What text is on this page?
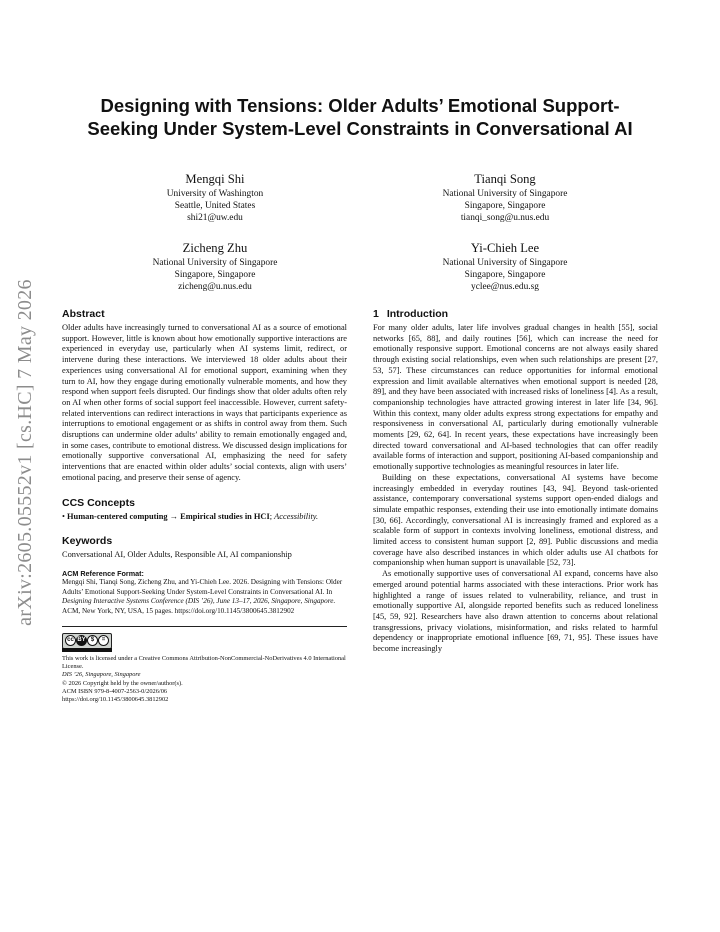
arXiv:2605.05552v1 [cs.HC] 7 May 2026
Designing with Tensions: Older Adults’ Emotional Support-Seeking Under System-Level Constraints in Conversational AI
Mengqi Shi
University of Washington
Seattle, United States
shi21@uw.edu
Tianqi Song
National University of Singapore
Singapore, Singapore
tianqi_song@u.nus.edu
Zicheng Zhu
National University of Singapore
Singapore, Singapore
zicheng@u.nus.edu
Yi-Chieh Lee
National University of Singapore
Singapore, Singapore
yclee@nus.edu.sg
Abstract

Older adults have increasingly turned to conversational AI as a source of emotional support. However, little is known about how emotionally supportive interactions are experienced in everyday use, particularly when AI systems limit, redirect, or intervene during these interactions. We interviewed 18 older adults about their experiences using conversational AI for emotional support, examining when they turn to AI, how they engage during emotionally vulnerable moments, and how they respond when support feels disrupted. Our findings show that older adults often rely on AI when other forms of social support feel inaccessible. However, current safety-related interventions can redirect interactions in ways that participants experience as interruptions to emotional engagement or as shifts in control away from them. Such disruptions can undermine older adults’ ability to remain emotionally engaged and, in some cases, contribute to emotional distress. We discussed design implications for emotionally supportive conversational AI, emphasizing the need for safety interventions that are enacted within older adults’ social contexts, align with users’ emotional pacing, and preserve their sense of agency.

CCS Concepts
• Human-centered computing → Empirical studies in HCI; Accessibility.
Keywords

Conversational AI, Older Adults, Responsible AI, AI companionship

ACM Reference Format:

Mengqi Shi, Tianqi Song, Zicheng Zhu, and Yi-Chieh Lee. 2026. Designing with Tensions: Older Adults’ Emotional Support-Seeking Under System-Level Constraints in Conversational AI. In Designing Interactive Systems Conference (DIS ’26), June 13–17, 2026, Singapore, Singapore. ACM, New York, NY, USA, 15 pages. https://doi.org/10.1145/3800645.3812902

cc BY $	=

This work is licensed under a Creative Commons Attribution-NonCommercial-NoDerivatives 4.0 International License.

DIS ’26, Singapore, Singapore

© 2026 Copyright held by the owner/author(s).

ACM ISBN 979-8-4007-2563-0/2026/06

https://doi.org/10.1145/3800645.3812902

1 Introduction

For many older adults, later life involves gradual changes in health [55], social networks [65, 88], and daily routines [56], which can increase the need for emotionally responsive support. Emotional concerns are not always easily shared through existing social relationships, even when such relationships are present [27, 53, 57]. These circumstances can reduce opportunities for informal emotional expression and limit available alternatives when emotional support is needed [28, 89], and they have been associated with increased risks of loneliness [4]. As a result, companionship technologies have attracted growing interest in later life [34, 96]. Within this context, many older adults express strong expectations for empathy and responsiveness in conversational AI, particularly during emotionally vulnerable moments [29, 62, 64]. In recent years, these expectations have increasingly been directed toward conversational and AI-based technologies that can offer readily available forms of interaction and support, positioning AI-based companionship and emotionally supportive technologies as meaningful resources in later life.

Building on these expectations, conversational AI systems have become increasingly embedded in everyday routines [43, 94]. Beyond task-oriented assistance, contemporary conversational systems support open-ended dialogs and simulate empathic responses, extending their use into emotionally intimate domains [30, 66]. Accordingly, conversational AI is increasingly framed and explored as a scalable form of support in contexts involving loneliness, emotional distress, and limited access to consistent human support [2, 89]. Public discussions and media coverage have also described instances in which older adults use AI chatbots for companionship when human support is unavailable [52, 73].

As emotionally supportive uses of conversational AI expand, concerns have also emerged around potential harms associated with these interactions. Prior work has highlighted a range of issues related to vulnerability, reliance, and trust in emotionally supportive AI, alongside reported benefits such as reduced loneliness [45, 59, 92]. Researchers have also drawn attention to concerns about relational transgressions, privacy violations, misinformation, and risks related to harmful dependency or inappropriate emotional influence [69, 71, 95]. These issues have become increasingly
